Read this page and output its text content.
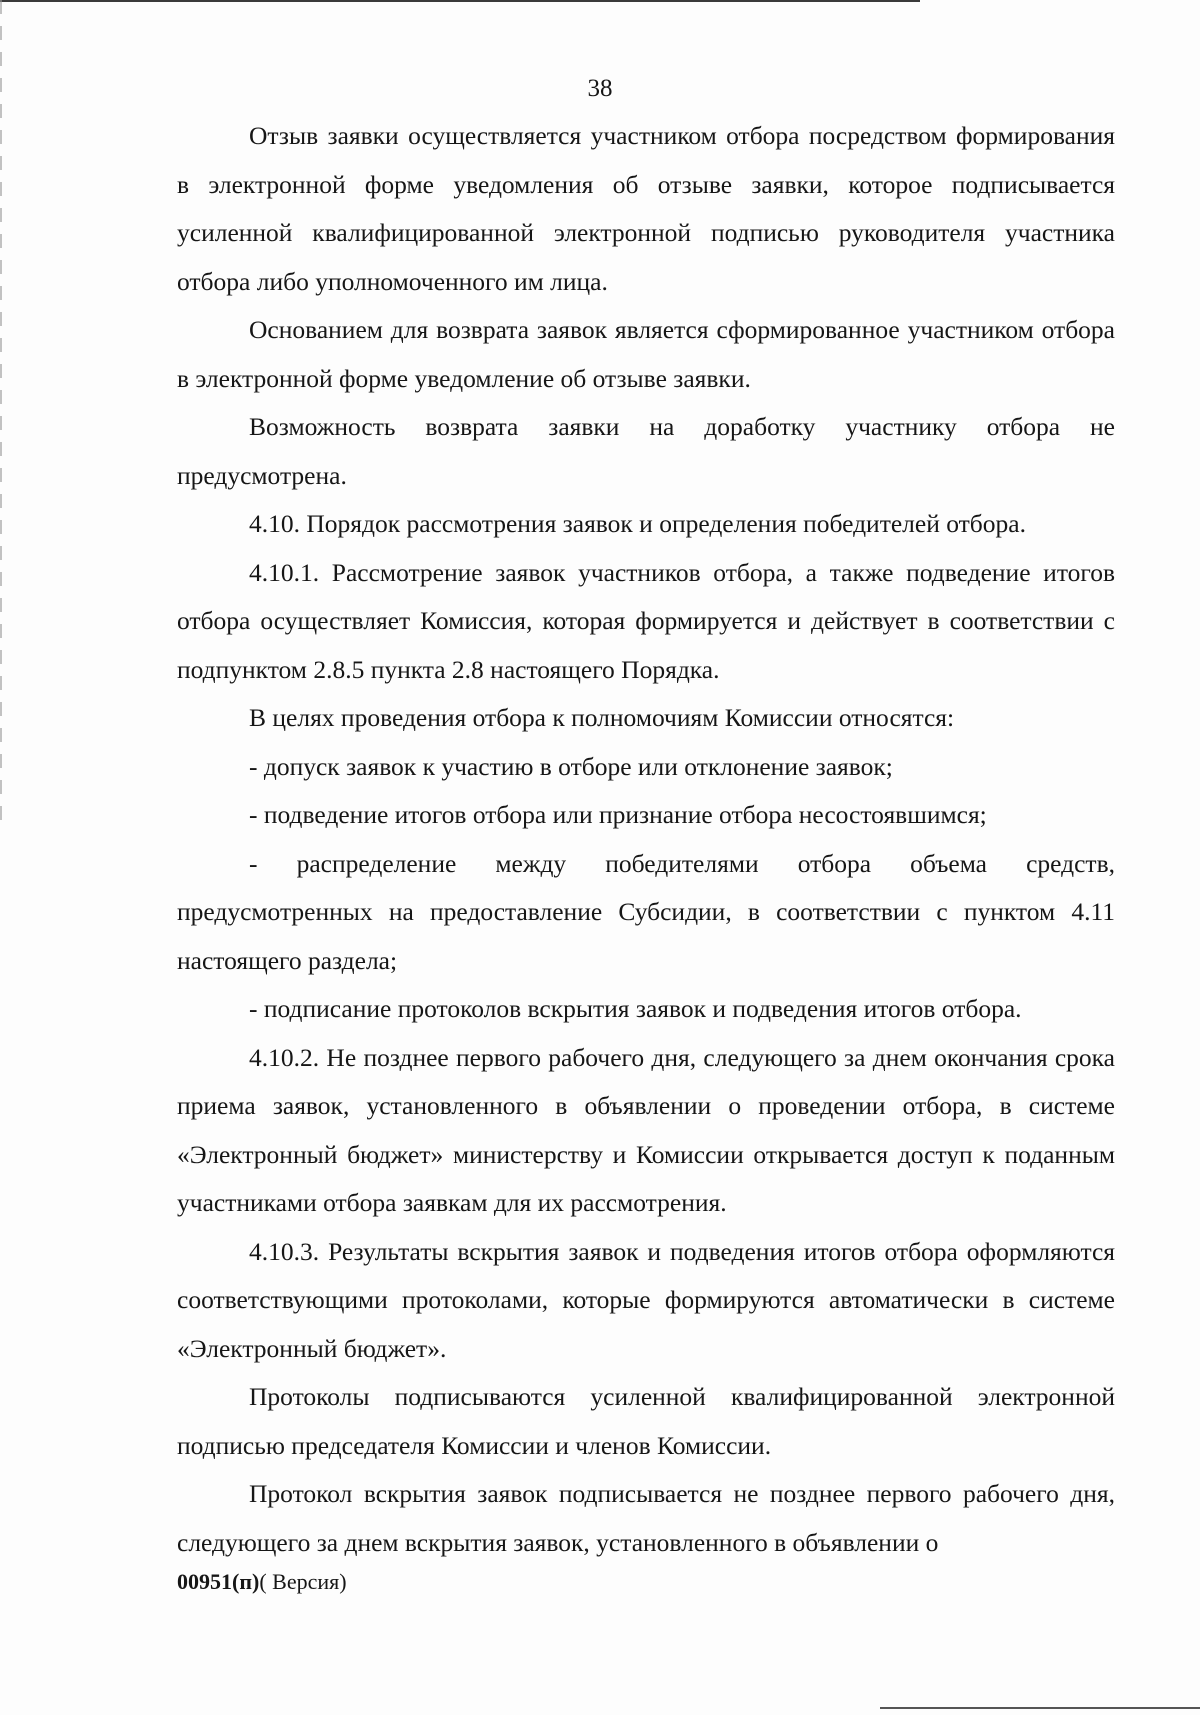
38

Отзыв заявки осуществляется участником отбора посредством формирования в электронной форме уведомления об отзыве заявки, которое подписывается усиленной квалифицированной электронной подписью руководителя участника отбора либо уполномоченного им лица.

Основанием для возврата заявок является сформированное участником отбора в электронной форме уведомление об отзыве заявки.

Возможность возврата заявки на доработку участнику отбора не предусмотрена.

4.10. Порядок рассмотрения заявок и определения победителей отбора.

4.10.1. Рассмотрение заявок участников отбора, а также подведение итогов отбора осуществляет Комиссия, которая формируется и действует в соответствии с подпунктом 2.8.5 пункта 2.8 настоящего Порядка.

В целях проведения отбора к полномочиям Комиссии относятся:

- допуск заявок к участию в отборе или отклонение заявок;

- подведение итогов отбора или признание отбора несостоявшимся;

- распределение между победителями отбора объема средств, предусмотренных на предоставление Субсидии, в соответствии с пунктом 4.11 настоящего раздела;

- подписание протоколов вскрытия заявок и подведения итогов отбора.

4.10.2. Не позднее первого рабочего дня, следующего за днем окончания срока приема заявок, установленного в объявлении о проведении отбора, в системе «Электронный бюджет» министерству и Комиссии открывается доступ к поданным участниками отбора заявкам для их рассмотрения.

4.10.3. Результаты вскрытия заявок и подведения итогов отбора оформляются соответствующими протоколами, которые формируются автоматически в системе «Электронный бюджет».

Протоколы подписываются усиленной квалифицированной электронной подписью председателя Комиссии и членов Комиссии.

Протокол вскрытия заявок подписывается не позднее первого рабочего дня, следующего за днем вскрытия заявок, установленного в объявлении о

00951(п)( Версия)
